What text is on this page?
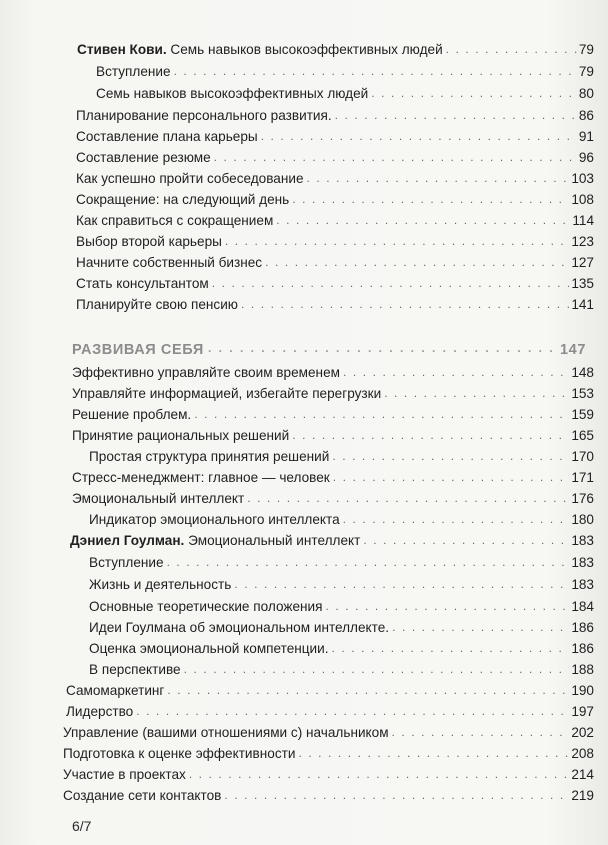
Стивен Кови. Семь навыков высокоэффективных людей . . .	79
Вступление . . .	79
Семь навыков высокоэффективных людей . . .	80
Планирование персонального развития. . . .	86
Составление плана карьеры . . .	91
Составление резюме . . .	96
Как успешно пройти собеседование . . .	103
Сокращение: на следующий день . . .	108
Как справиться с сокращением . . .	114
Выбор второй карьеры . . .	123
Начните собственный бизнес . . .	127
Стать консультантом . . .	135
Планируйте свою пенсию . . .	141
РАЗВИВАЯ СЕБЯ . . .	147
Эффективно управляйте своим временем . . .	148
Управляйте информацией, избегайте перегрузки . . .	153
Решение проблем. . . .	159
Принятие рациональных решений . . .	165
Простая структура принятия решений . . .	170
Стресс-менеджмент: главное — человек . . .	171
Эмоциональный интеллект . . .	176
Индикатор эмоционального интеллекта . . .	180
Дэниел Гоулман. Эмоциональный интеллект . . .	183
Вступление . . .	183
Жизнь и деятельность . . .	183
Основные теоретические положения . . .	184
Идеи Гоулмана об эмоциональном интеллекте. . . .	186
Оценка эмоциональной компетенции. . . .	186
В перспективе . . .	188
Самомаркетинг . . .	190
Лидерство . . .	197
Управление (вашими отношениями с) начальником . . .	202
Подготовка к оценке эффективности . . .	208
Участие в проектах . . .	214
Создание сети контактов . . .	219
6/7
